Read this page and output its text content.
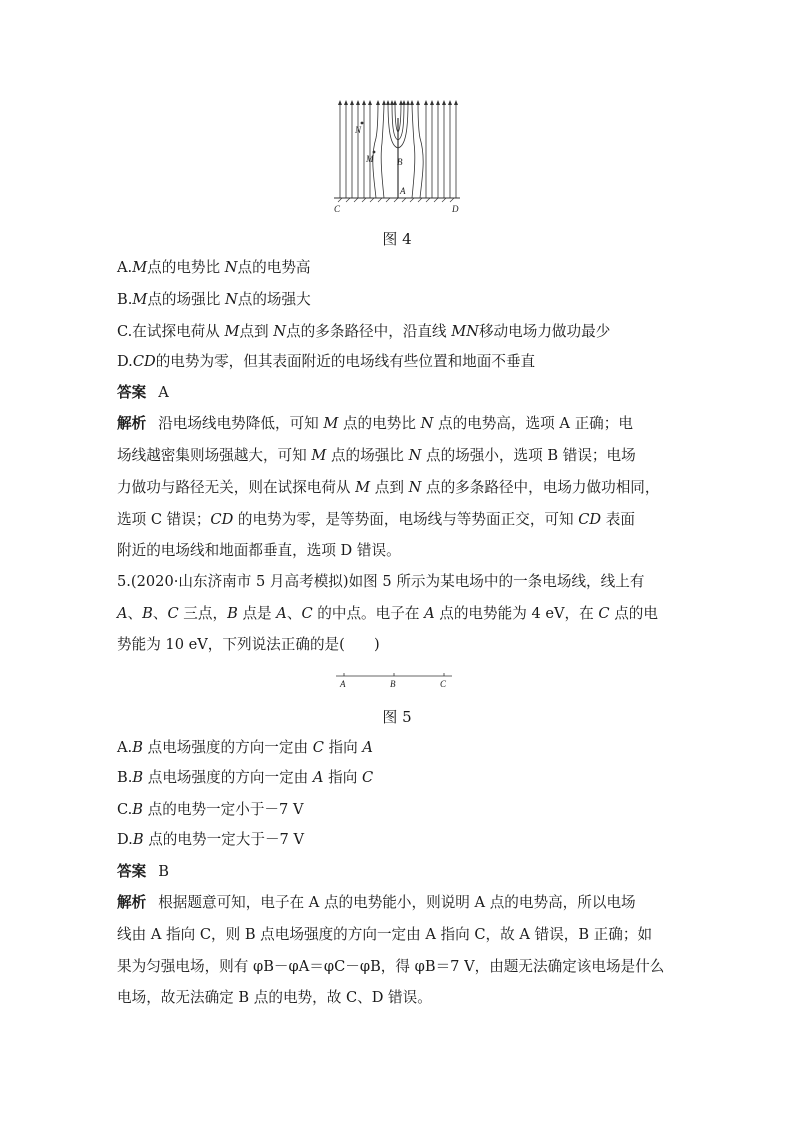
N
M	B
A
C	D
图 4
A.M点的电势比 N点的电势高
B.M点的场强比 N点的场强大
C.在试探电荷从 M点到 N点的多条路径中，沿直线 MN移动电场力做功最少
D.CD的电势为零，但其表面附近的电场线有些位置和地面不垂直
答案 A
解析 沿电场线电势降低，可知 M 点的电势比 N 点的电势高，选项 A 正确；电
场线越密集则场强越大，可知 M 点的场强比 N 点的场强小，选项 B 错误；电场
力做功与路径无关，则在试探电荷从 M 点到 N 点的多条路径中，电场力做功相同，
选项 C 错误；CD 的电势为零，是等势面，电场线与等势面正交，可知 CD 表面
附近的电场线和地面都垂直，选项 D 错误。
5.(2020·山东济南市 5 月高考模拟)如图 5 所示为某电场中的一条电场线，线上有
A、B、C 三点，B 点是 A、C 的中点。电子在 A 点的电势能为 4 eV，在 C 点的电
势能为 10 eV，下列说法正确的是(　　)
A	B	C
图 5
A.B 点电场强度的方向一定由 C 指向 A
B.B 点电场强度的方向一定由 A 指向 C
C.B 点的电势一定小于－7 V
D.B 点的电势一定大于－7 V
答案 B
解析 根据题意可知，电子在 A 点的电势能小，则说明 A 点的电势高，所以电场
线由 A 指向 C，则 B 点电场强度的方向一定由 A 指向 C，故 A 错误，B 正确；如
果为匀强电场，则有 φB－φA＝φC－φB，得 φB＝7 V，由题无法确定该电场是什么
电场，故无法确定 B 点的电势，故 C、D 错误。
